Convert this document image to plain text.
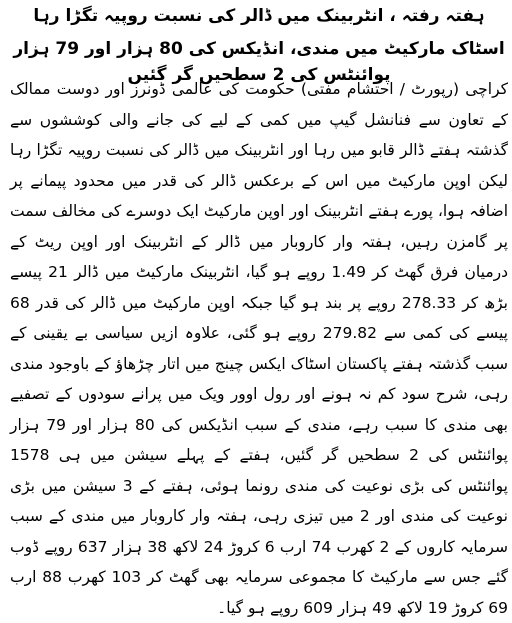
ہفتہ رفتہ ، انٹربینک میں ڈالر کی نسبت روپیہ تگڑا رہا
اسٹاک مارکیٹ میں مندی، انڈیکس کی 80 ہزار اور 79 ہزار پوائنٹس کی 2 سطحیں گر گئیں

کراچی (رپورٹ / احتشام مفتی) حکومت کی عالمی ڈونرز اور دوست ممالک کے تعاون سے فنانشل گیپ میں کمی کے لیے کی جانے والی کوششوں سے گذشتہ ہفتے ڈالر قابو میں رہا اور انٹربینک میں ڈالر کی نسبت روپیہ تگڑا رہا لیکن اوپن مارکیٹ میں اس کے برعکس ڈالر کی قدر میں محدود پیمانے پر اضافہ ہوا، پورے ہفتے انٹربینک اور اوپن مارکیٹ ایک دوسرے کی مخالف سمت پر گامزن رہیں، ہفتہ وار کاروبار میں ڈالر کے انٹربینک اور اوپن ریٹ کے درمیان فرق گھٹ کر 1.49 روپے ہو گیا، انٹربینک مارکیٹ میں ڈالر 21 پیسے بڑھ کر 278.33 روپے پر بند ہو گیا جبکہ اوپن مارکیٹ میں ڈالر کی قدر 68 پیسے کی کمی سے 279.82 روپے ہو گئی، علاوہ ازیں سیاسی بے یقینی کے سبب گذشتہ ہفتے پاکستان اسٹاک ایکس چینج میں اتار چڑھاؤ کے باوجود مندی رہی، شرح سود کم نہ ہونے اور رول اوور ویک میں پرانے سودوں کے تصفیے بھی مندی کا سبب رہے، مندی کے سبب انڈیکس کی 80 ہزار اور 79 ہزار پوائنٹس کی 2 سطحیں گر گئیں، ہفتے کے پہلے سیشن میں ہی 1578 پوائنٹس کی بڑی نوعیت کی مندی رونما ہوئی، ہفتے کے 3 سیشن میں بڑی نوعیت کی مندی اور 2 میں تیزی رہی، ہفتہ وار کاروبار میں مندی کے سبب سرمایہ کاروں کے 2 کھرب 74 ارب 6 کروڑ 24 لاکھ 38 ہزار 637 روپے ڈوب گئے جس سے مارکیٹ کا مجموعی سرمایہ بھی گھٹ کر 103 کھرب 88 ارب 69 کروڑ 19 لاکھ 49 ہزار 609 روپے ہو گیا۔
